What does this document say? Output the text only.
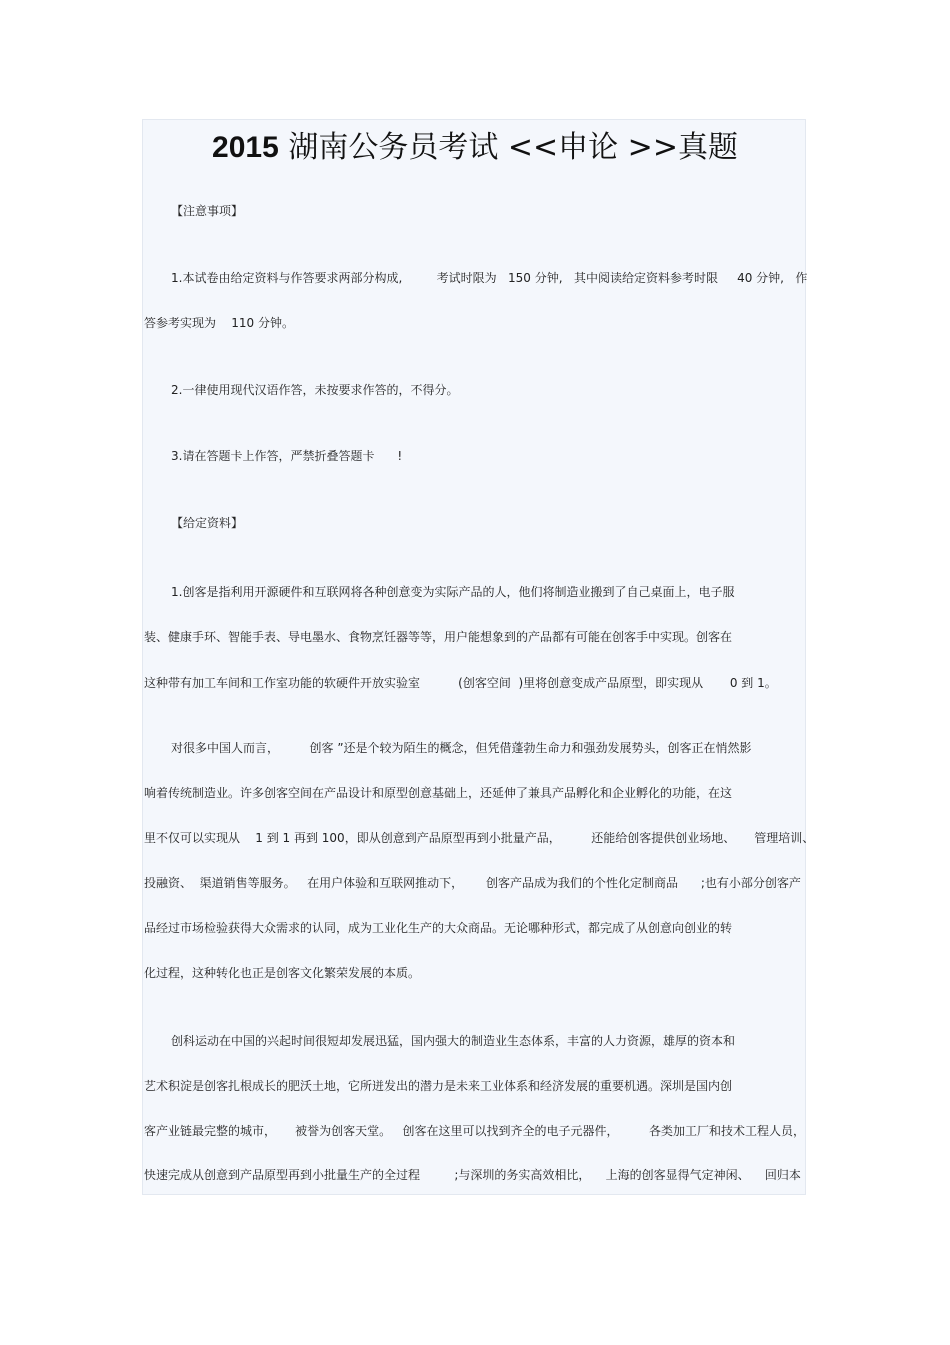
2015 湖南公务员考试 <<申论 >>真题
【注意事项】
1.本试卷由给定资料与作答要求两部分构成,         考试时限为   150 分钟,   其中阅读给定资料参考时限     40 分钟,   作
答参考实现为    110 分钟。
2.一律使用现代汉语作答，未按要求作答的，不得分。
3.请在答题卡上作答，严禁折叠答题卡      !
【给定资料】
1.创客是指利用开源硬件和互联网将各种创意变为实际产品的人，他们将制造业搬到了自己桌面上，电子服
装、健康手环、智能手表、导电墨水、食物烹饪器等等，用户能想象到的产品都有可能在创客手中实现。创客在
这种带有加工车间和工作室功能的软硬件开放实验室          (创客空间  )里将创意变成产品原型，即实现从       0 到 1。
对很多中国人而言，        创客 ”还是个较为陌生的概念，但凭借蓬勃生命力和强劲发展势头，创客正在悄然影
响着传统制造业。许多创客空间在产品设计和原型创意基础上，还延伸了兼具产品孵化和企业孵化的功能，在这
里不仅可以实现从    1 到 1 再到 100，即从创意到产品原型再到小批量产品，        还能给创客提供创业场地、     管理培训、
投融资、  渠道销售等服务。   在用户体验和互联网推动下，      创客产品成为我们的个性化定制商品      ;也有小部分创客产
品经过市场检验获得大众需求的认同，成为工业化生产的大众商品。无论哪种形式，都完成了从创意向创业的转
化过程，这种转化也正是创客文化繁荣发展的本质。
创科运动在中国的兴起时间很短却发展迅猛，国内强大的制造业生态体系，丰富的人力资源，雄厚的资本和
艺术积淀是创客扎根成长的肥沃土地，它所迸发出的潜力是未来工业体系和经济发展的重要机遇。深圳是国内创
客产业链最完整的城市，     被誉为创客天堂。   创客在这里可以找到齐全的电子元器件，        各类加工厂和技术工程人员，
快速完成从创意到产品原型再到小批量生产的全过程         ;与深圳的务实高效相比，    上海的创客显得气定神闲、    回归本
